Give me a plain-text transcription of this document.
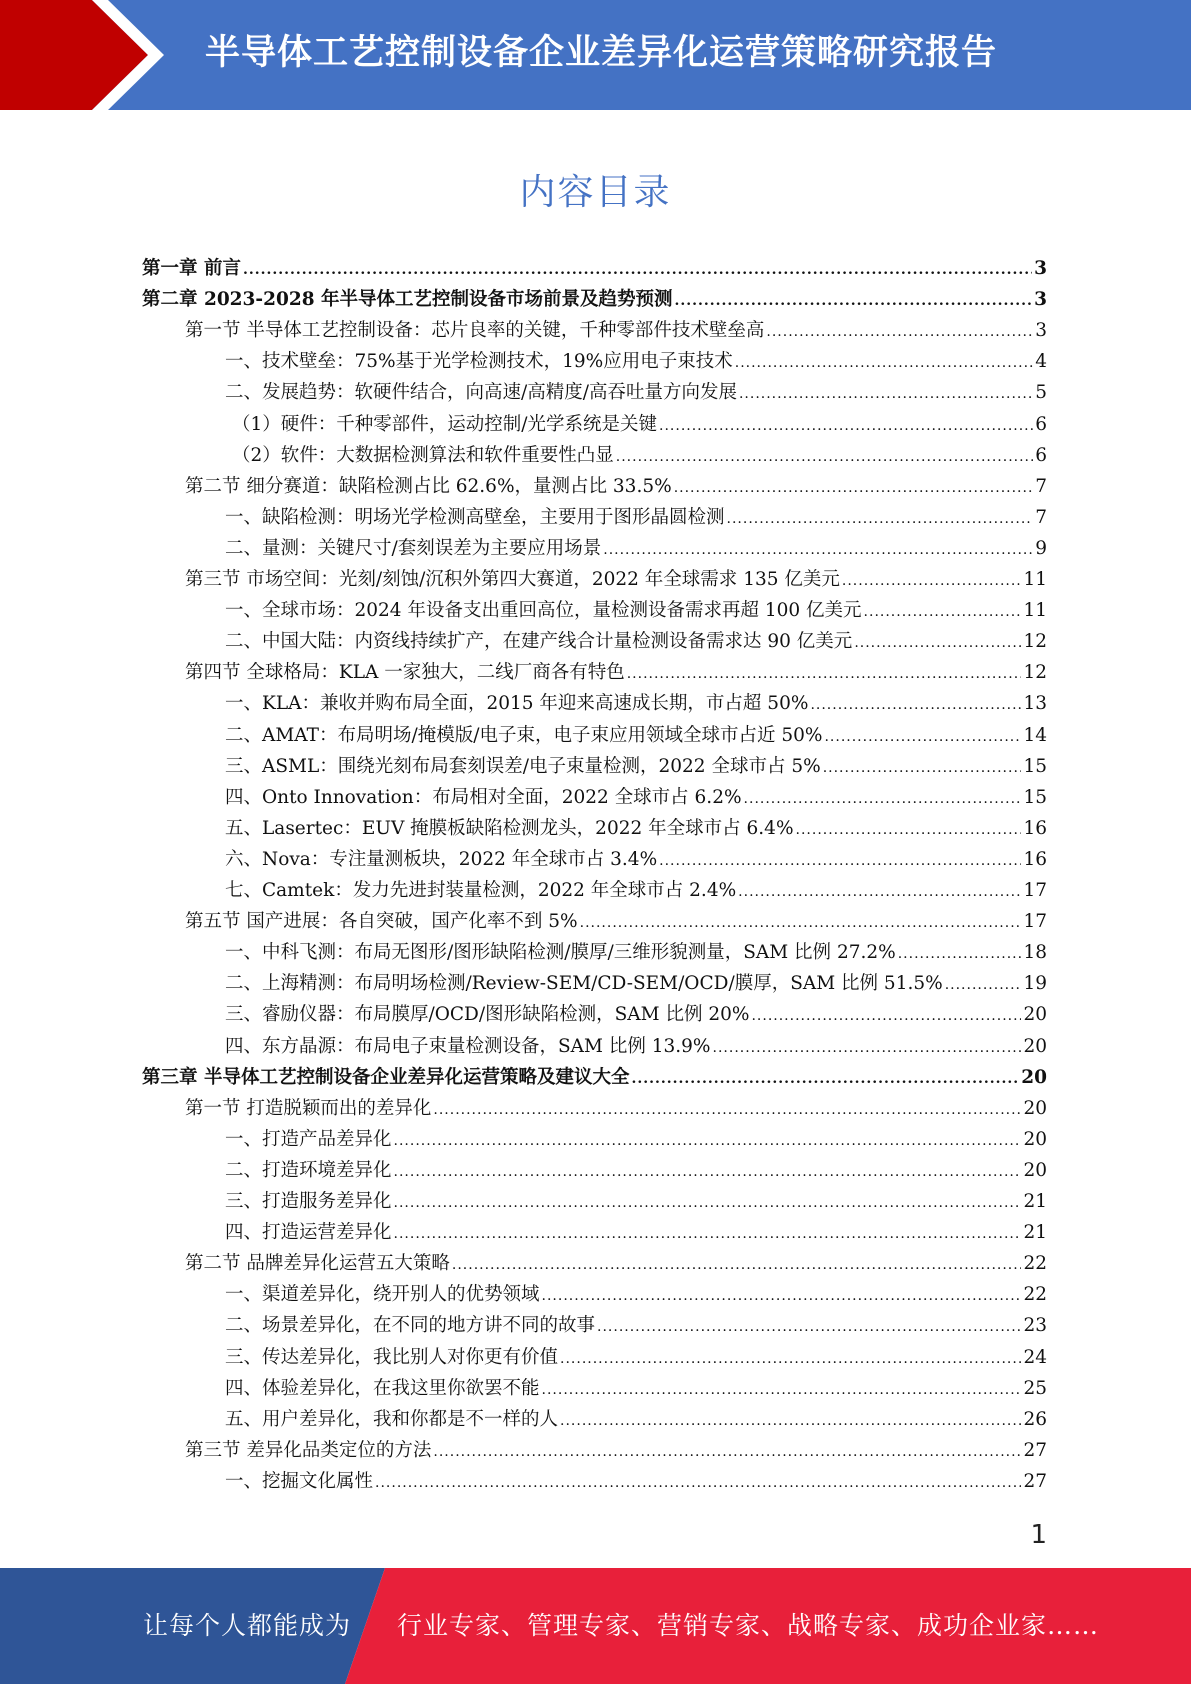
半导体工艺控制设备企业差异化运营策略研究报告
内容目录
第一章 前言 .....	3
第二章 2023-2028 年半导体工艺控制设备市场前景及趋势预测 .....	3
第一节 半导体工艺控制设备：芯片良率的关键，千种零部件技术壁垒高 .....	3
一、技术壁垒：75%基于光学检测技术，19%应用电子束技术 .....	4
二、发展趋势：软硬件结合，向高速/高精度/高吞吐量方向发展 .....	5
（1）硬件：千种零部件，运动控制/光学系统是关键 .....	6
（2）软件：大数据检测算法和软件重要性凸显 .....	6
第二节 细分赛道：缺陷检测占比 62.6%，量测占比 33.5% .....	7
一、缺陷检测：明场光学检测高壁垒，主要用于图形晶圆检测 .....	7
二、量测：关键尺寸/套刻误差为主要应用场景 .....	9
第三节 市场空间：光刻/刻蚀/沉积外第四大赛道，2022 年全球需求 135 亿美元 .....	11
一、全球市场：2024 年设备支出重回高位，量检测设备需求再超 100 亿美元 .....	11
二、中国大陆：内资线持续扩产，在建产线合计量检测设备需求达 90 亿美元 .....	12
第四节 全球格局：KLA 一家独大，二线厂商各有特色 .....	12
一、KLA：兼收并购布局全面，2015 年迎来高速成长期，市占超 50% .....	13
二、AMAT：布局明场/掩模版/电子束，电子束应用领域全球市占近 50% .....	14
三、ASML：围绕光刻布局套刻误差/电子束量检测，2022 全球市占 5% .....	15
四、Onto Innovation：布局相对全面，2022 全球市占 6.2% .....	15
五、Lasertec：EUV 掩膜板缺陷检测龙头，2022 年全球市占 6.4% .....	16
六、Nova：专注量测板块，2022 年全球市占 3.4% .....	16
七、Camtek：发力先进封装量检测，2022 年全球市占 2.4% .....	17
第五节 国产进展：各自突破，国产化率不到 5% .....	17
一、中科飞测：布局无图形/图形缺陷检测/膜厚/三维形貌测量，SAM 比例 27.2% .....	18
二、上海精测：布局明场检测/Review-SEM/CD-SEM/OCD/膜厚，SAM 比例 51.5% .....	19
三、睿励仪器：布局膜厚/OCD/图形缺陷检测，SAM 比例 20% .....	20
四、东方晶源：布局电子束量检测设备，SAM 比例 13.9% .....	20
第三章 半导体工艺控制设备企业差异化运营策略及建议大全 .....	20
第一节 打造脱颖而出的差异化 .....	20
一、打造产品差异化 .....	20
二、打造环境差异化 .....	20
三、打造服务差异化 .....	21
四、打造运营差异化 .....	21
第二节 品牌差异化运营五大策略 .....	22
一、渠道差异化，绕开别人的优势领域 .....	22
二、场景差异化，在不同的地方讲不同的故事 .....	23
三、传达差异化，我比别人对你更有价值 .....	24
四、体验差异化，在我这里你欲罢不能 .....	25
五、用户差异化，我和你都是不一样的人 .....	26
第三节 差异化品类定位的方法 .....	27
一、挖掘文化属性 .....	27
1
让每个人都能成为 行业专家、管理专家、营销专家、战略专家、成功企业家……
